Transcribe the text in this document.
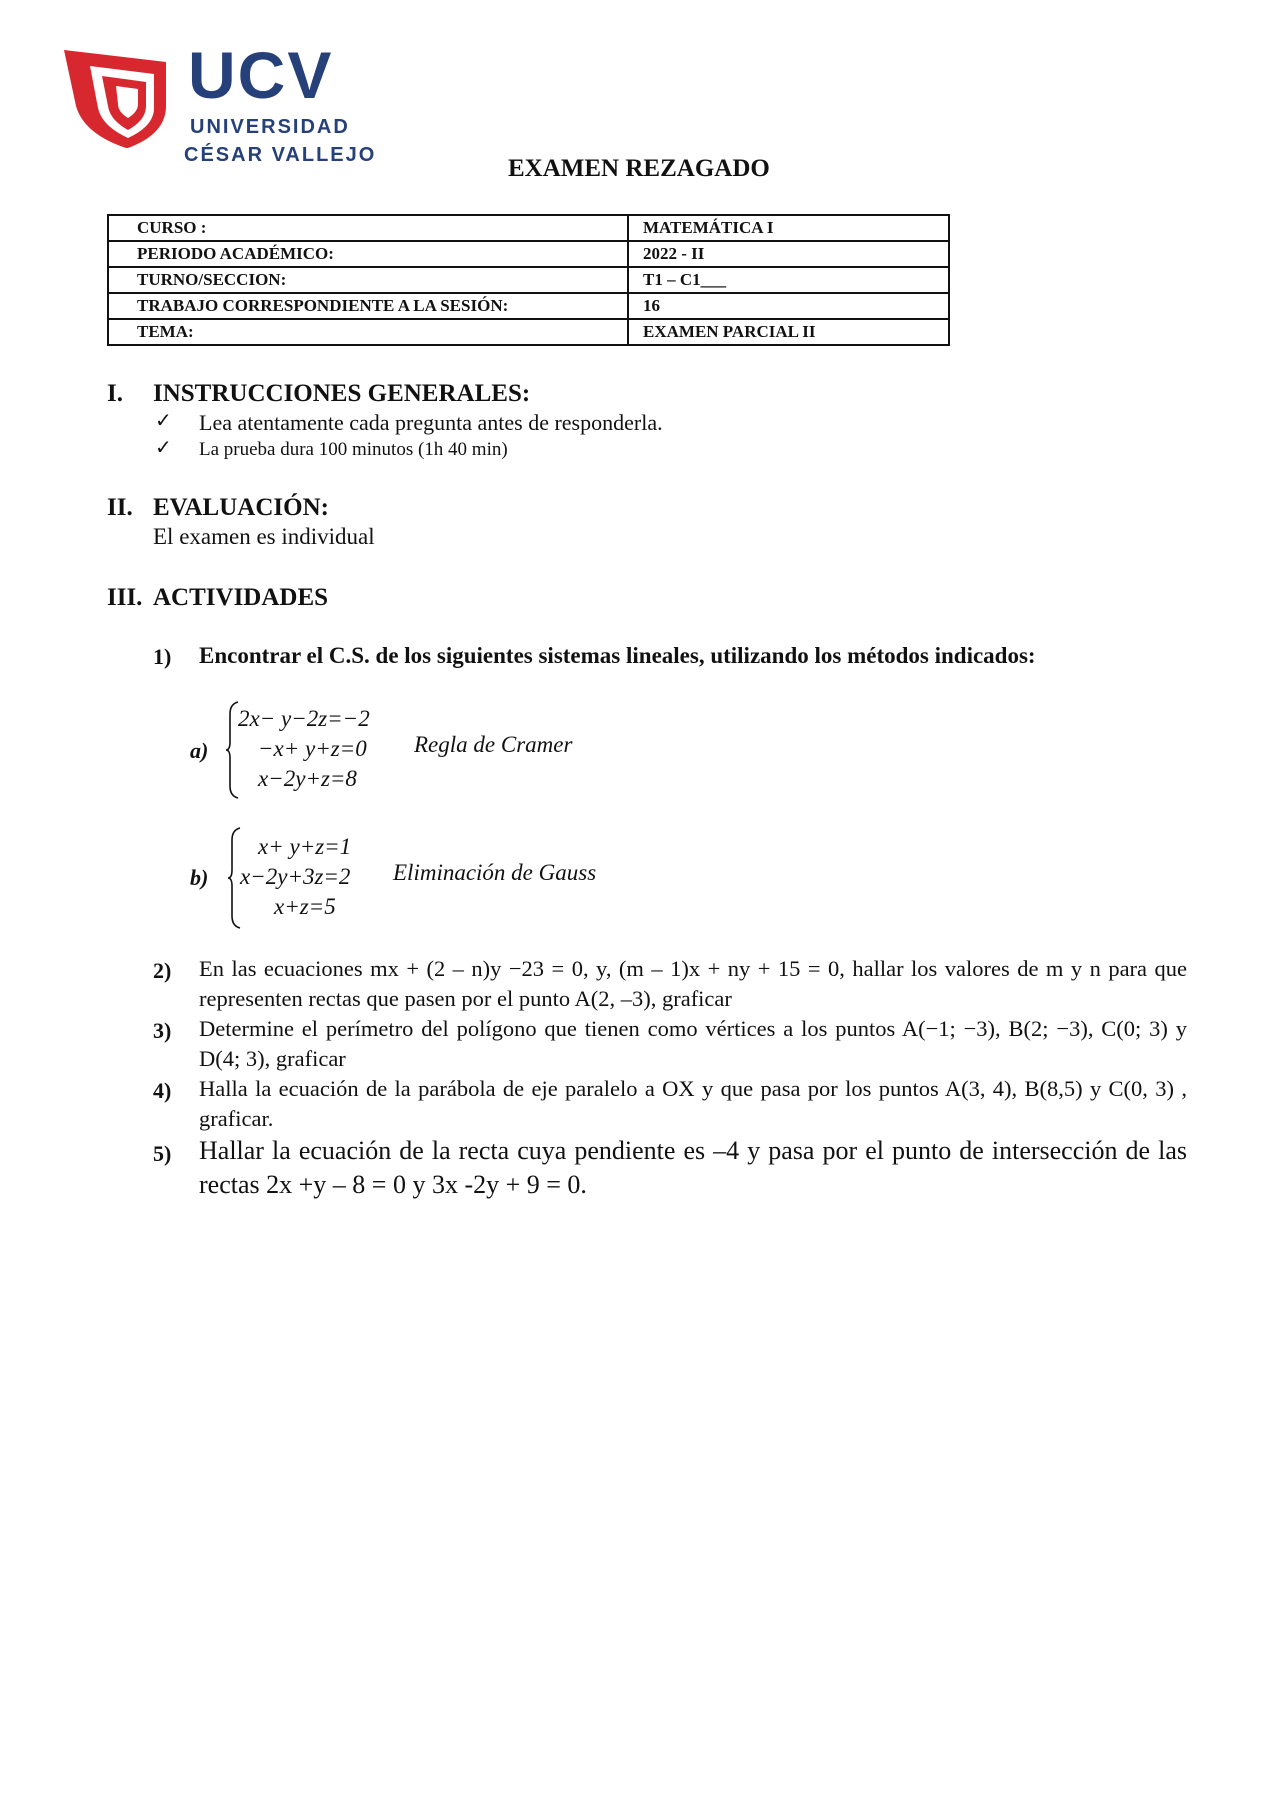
UCV
UNIVERSIDAD
CÉSAR VALLEJO	EXAMEN REZAGADO
CURSO :	MATEMÁTICA I
PERIODO ACADÉMICO:	2022 - II
TURNO/SECCION:	T1 – C1___
TRABAJO CORRESPONDIENTE A LA SESIÓN:	16
TEMA:	EXAMEN PARCIAL II
I. INSTRUCCIONES GENERALES:
✓ Lea atentamente cada pregunta antes de responderla.
✓ La prueba dura 100 minutos (1h 40 min)
II. EVALUACIÓN:
El examen es individual
III. ACTIVIDADES
1) Encontrar el C.S. de los siguientes sistemas lineales, utilizando los métodos indicados:
a)
2x− y−2z=−2
−x+ y+z=0
x−2y+z=8
Regla de Cramer
b)
x+ y+z=1
x−2y+3z=2
x+z=5
Eliminación de Gauss
2) En las ecuaciones mx + (2 – n)y −23 = 0, y, (m – 1)x + ny + 15 = 0, hallar los valores de m y n para que representen rectas que pasen por el punto A(2, –3), graficar
3) Determine el perímetro del polígono que tienen como vértices a los puntos A(−1; −3), B(2; −3), C(0; 3) y D(4; 3), graficar
4) Halla la ecuación de la parábola de eje paralelo a OX y que pasa por los puntos A(3, 4), B(8,5) y C(0, 3) , graficar.
5) Hallar la ecuación de la recta cuya pendiente es –4 y pasa por el punto de intersección de las rectas 2x +y – 8 = 0 y 3x -2y + 9 = 0.
